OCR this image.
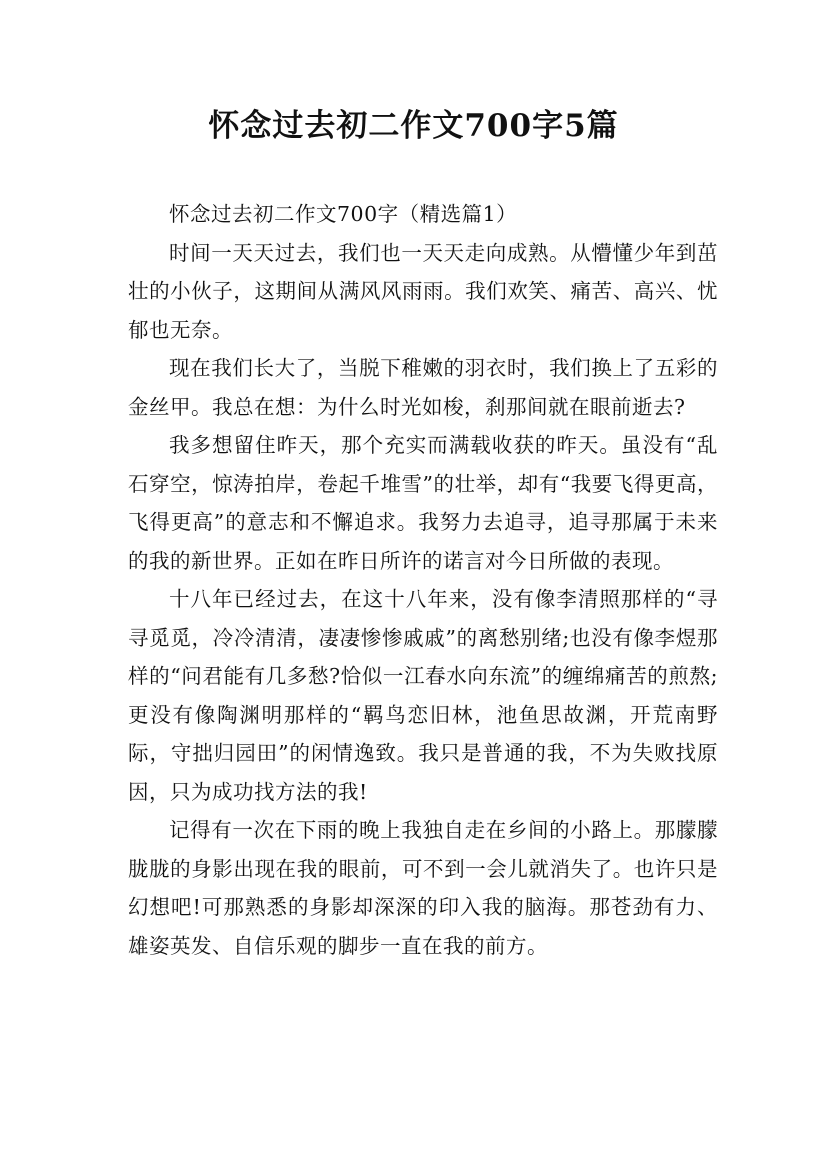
怀念过去初二作文700字5篇

怀念过去初二作文700字（精选篇1）

时间一天天过去，我们也一天天走向成熟。从懵懂少年到茁壮的小伙子，这期间从满风风雨雨。我们欢笑、痛苦、高兴、忧郁也无奈。

现在我们长大了，当脱下稚嫩的羽衣时，我们换上了五彩的金丝甲。我总在想：为什么时光如梭，刹那间就在眼前逝去?

我多想留住昨天，那个充实而满载收获的昨天。虽没有“乱石穿空，惊涛拍岸，卷起千堆雪”的壮举，却有“我要飞得更高，飞得更高”的意志和不懈追求。我努力去追寻，追寻那属于未来的我的新世界。正如在昨日所许的诺言对今日所做的表现。

十八年已经过去，在这十八年来，没有像李清照那样的“寻寻觅觅，冷冷清清，凄凄惨惨戚戚”的离愁别绪;也没有像李煜那样的“问君能有几多愁?恰似一江春水向东流”的缠绵痛苦的煎熬;更没有像陶渊明那样的“羁鸟恋旧林，池鱼思故渊，开荒南野际，守拙归园田”的闲情逸致。我只是普通的我，不为失败找原因，只为成功找方法的我!

记得有一次在下雨的晚上我独自走在乡间的小路上。那朦朦胧胧的身影出现在我的眼前，可不到一会儿就消失了。也许只是幻想吧!可那熟悉的身影却深深的印入我的脑海。那苍劲有力、雄姿英发、自信乐观的脚步一直在我的前方。
